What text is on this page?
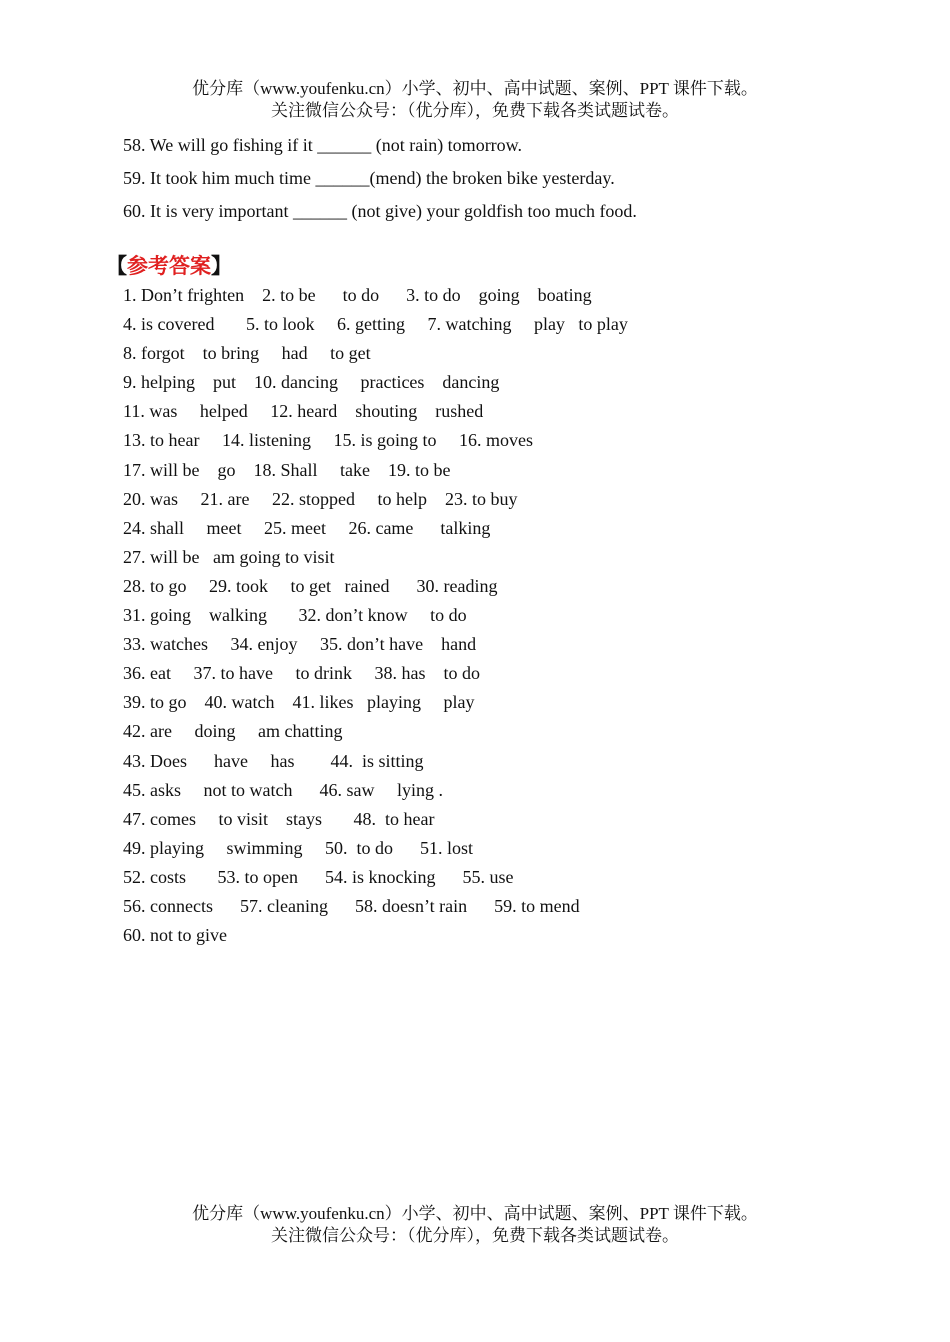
优分库（www.youfenku.cn）小学、初中、高中试题、案例、PPT 课件下载。
关注微信公众号：（优分库），免费下载各类试题试卷。
58. We will go fishing if it ______ (not rain) tomorrow.
59. It took him much time ______(mend) the broken bike yesterday.
60. It is very important ______ (not give) your goldfish too much food.
【参考答案】
1. Don’t frighten    2. to be      to do      3. to do    going    boating
4. is covered       5. to look     6. getting     7. watching     play   to play
8. forgot    to bring     had     to get
9. helping    put    10. dancing     practices    dancing
11. was     helped     12. heard    shouting    rushed
13. to hear     14. listening     15. is going to     16. moves
17. will be    go    18. Shall     take    19. to be
20. was     21. are     22. stopped     to help    23. to buy
24. shall     meet     25. meet     26. came      talking
27. will be   am going to visit
28. to go     29. took     to get   rained      30. reading
31. going    walking       32. don’t know     to do
33. watches     34. enjoy     35. don’t have    hand
36. eat     37. to have     to drink     38. has    to do
39. to go    40. watch    41. likes   playing     play
42. are     doing     am chatting
43. Does      have     has        44.  is sitting
45. asks     not to watch      46. saw     lying .
47. comes     to visit    stays       48.  to hear
49. playing     swimming     50.  to do      51. lost
52. costs       53. to open      54. is knocking      55. use
56. connects      57. cleaning      58. doesn’t rain      59. to mend
60. not to give
优分库（www.youfenku.cn）小学、初中、高中试题、案例、PPT 课件下载。
关注微信公众号：（优分库），免费下载各类试题试卷。
